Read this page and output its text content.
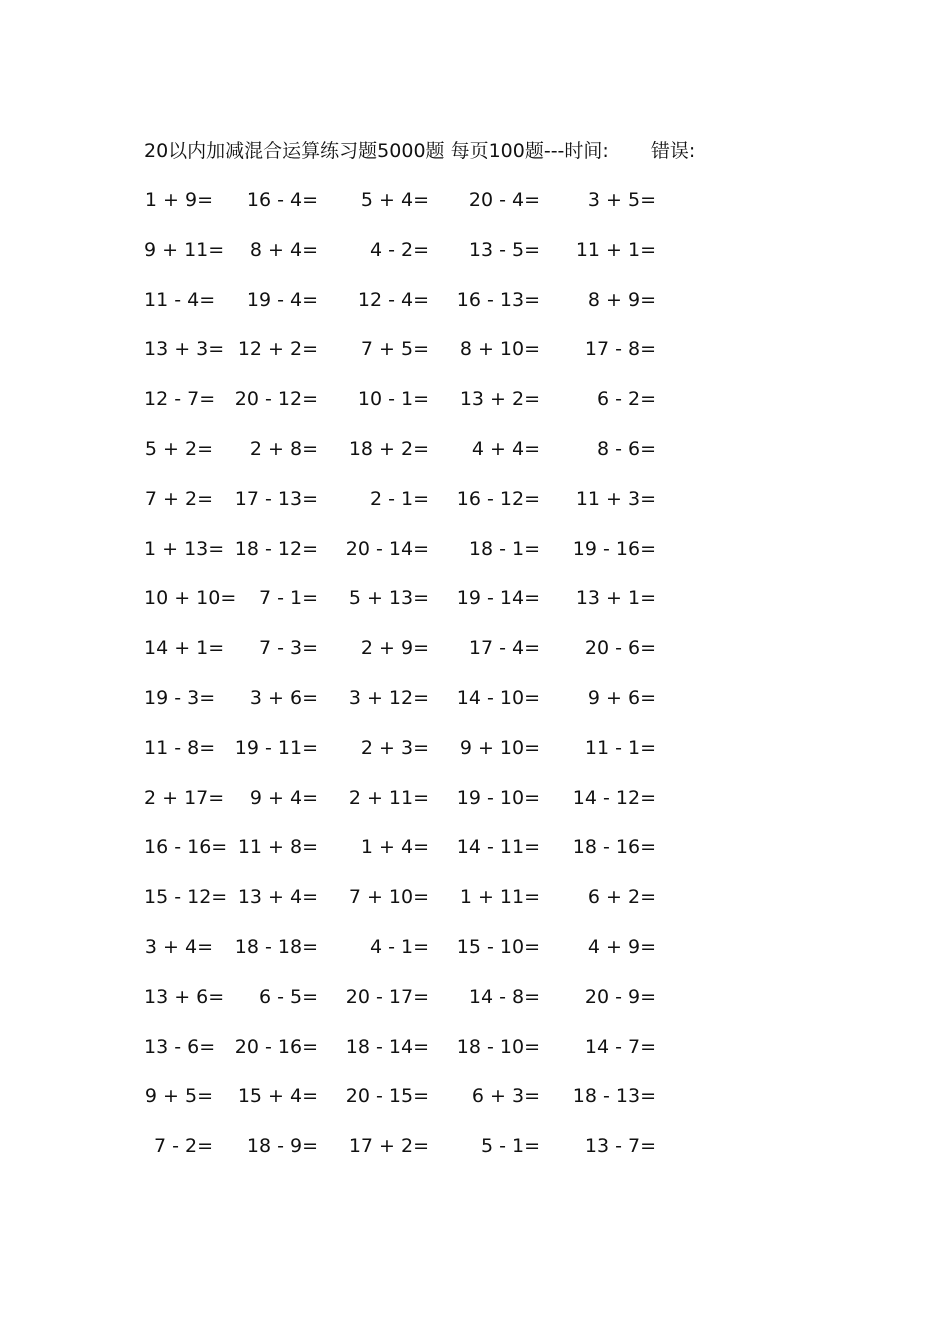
20以内加减混合运算练习题5000题 每页100题---时间: 错误:
1 + 9= 16 - 4= 5 + 4= 20 - 4=	3 + 5=
9 + 11= 8 + 4=	4 - 2= 13 - 5= 11 + 1=
11 - 4= 19 - 4= 12 - 4= 16 - 13=	8 + 9=
13 + 3= 12 + 2= 7 + 5= 8 + 10= 17 - 8=
12 - 7= 20 - 12= 10 - 1= 13 + 2=	6 - 2=
5 + 2= 2 + 8= 18 + 2= 4 + 4=	8 - 6=
7 + 2= 17 - 13=	2 - 1= 16 - 12= 11 + 3=
1 + 13= 18 - 12= 20 - 14= 18 - 1= 19 - 16=
10 + 10= 7 - 1= 5 + 13= 19 - 14= 13 + 1=
14 + 1= 7 - 3= 2 + 9= 17 - 4= 20 - 6=
19 - 3= 3 + 6= 3 + 12= 14 - 10=	9 + 6=
11 - 8= 19 - 11= 2 + 3= 9 + 10= 11 - 1=
2 + 17= 9 + 4= 2 + 11= 19 - 10= 14 - 12=
16 - 16= 11 + 8= 1 + 4= 14 - 11= 18 - 16=
15 - 12= 13 + 4= 7 + 10= 1 + 11=	6 + 2=
3 + 4= 18 - 18=	4 - 1= 15 - 10=	4 + 9=
13 + 6= 6 - 5= 20 - 17= 14 - 8= 20 - 9=
13 - 6= 20 - 16= 18 - 14= 18 - 10= 14 - 7=
9 + 5= 15 + 4= 20 - 15= 6 + 3= 18 - 13=
7 - 2= 18 - 9= 17 + 2=	5 - 1= 13 - 7=
